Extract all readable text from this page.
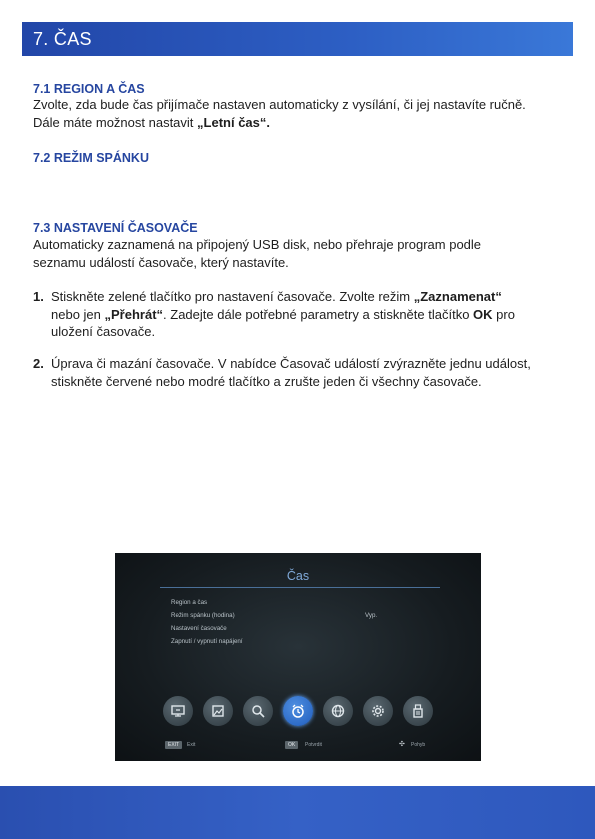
7. ČAS
7.1 REGION A ČAS
Zvolte, zda bude čas přijímače nastaven automaticky z vysílání, či jej nastavíte ručně.
Dále máte možnost nastavit „Letní čas“.
7.2 REŽIM SPÁNKU
7.3 NASTAVENÍ ČASOVAČE
Automaticky zaznamená na připojený USB disk, nebo přehraje program podle
seznamu událostí časovače, který nastavíte.
1. Stiskněte zelené tlačítko pro nastavení časovače. Zvolte režim „Zaznamenat“
nebo jen „Přehrát“. Zadejte dále potřebné parametry a stiskněte tlačítko OK pro
uložení časovače.
2. Úprava či mazání časovače. V nabídce Časovač událostí zvýrazněte jednu událost,
stiskněte červené nebo modré tlačítko a zrušte jeden či všechny časovače.
Čas
Region a čas
Režim spánku (hodina)	Vyp.
Nastavení časovače
Zapnutí / vypnutí napájení
EXIT	Exit	OK	Potvrdit	✣ Pohyb
